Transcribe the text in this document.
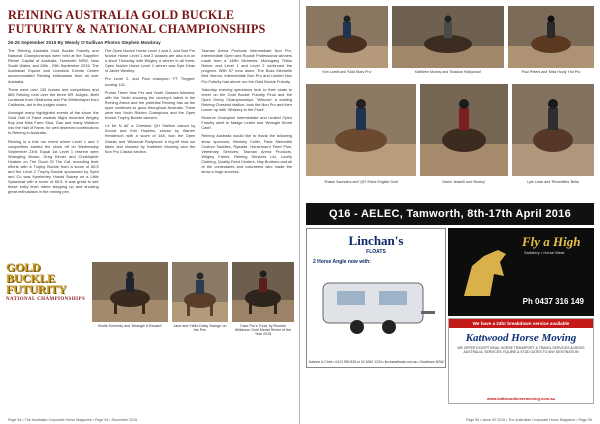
REINING AUSTRALIA GOLD BUCKLE FUTURITY & NATIONAL CHAMPIONSHIPS
25-26 September 2015 By Wendy O'Sullivan Photos Stephen Mowbray

The Reining Australia Gold Buckle Futurity and National Championships were held at the Sapphire Reiner Capital of Australia, Tamworth NSW, New South Wales, and 28th - 29th September 2015. The Australian Equine and Livestock Events Centre accommodated Reining enthusiasts from all over Australia.

There were over 135 horses and competitors and 685 Reining runs over the three NR Judges, Brett Lunstead from Oklahoma and Pat Whitechapel from California, sat in the judges chairs.

Amongst many highlighted events of the show, the Gold Hall of Fame awards Night recorded Wrigley Boy and Miss Farm Stud, Dan and many Waldron into the Hall of Fame, for well deserved contributions to Reining in Australia.

Reining is a trial run event where Level 1 and 2 competitors started the show off on Wednesday September 23rd. Equal 1st Level 1 reserve were Wrangling Brown, Greg Kinner and Christopher Hoaken on The Good Of The Cat, recording their efforts with a Trophy Buckle from a score of 65.5 and the Level 2 Trophy Buckle sponsored by Syed and Co was Kymberley Howat Stacey on a Little Splashcat with a score of 65.5. It was great to see these entry level riders stepping up and showing great enthusiasm in the reining pen.

The Open Novice Horse Level 1 and 2, and Non Pro Novice Horse Level 1 and 2 classes are also run on a short Thursday with Wrigley a winner in all three. Open Novice Horse Level 1 winner was Kyle Dean of Jamie Westley.

Pro Level 2, and Paul champion 'FT Tinygee' scoring 142.

Pronto Three Year Pro and Youth Classes followed, with the Youth showing the country's talent in the Reining Arena and the potential Reining has as the sport continues to grow throughout Australia. There were two Youth Ridden Champions and the Open Novice Trophy Buckle winners.

'Lil Mr N All' a Chestnut QH Stallion owned by Donna and Erin Hopkins, shown by Warren Henderson with a score of 148, won the Open Classic and 'Whizzcat Rollyhood' a leg-off shot run taken and showed by Kathleen Mooring won the Non Pro Classic section.

Tasman Arena Products Intermediate Non Pro, Intermediate Open and Rookie Professional winners made from a 149th Moments, Mahogany Tinkie Reiner and Level 1 and Level 2 continued the program. With 57 runs down, The Boss Mechelle Bird Vernon, Intermediate Non Pro and Limited Non Pro Futurity had above run the Gold Buckle Futurity.

Saturday evening spectators took to their seats to cheer on the Gold Buckle Futurity Final and the Open Derby Championships. 'Whizzer' a leading Reining Chestnut stallion, took the Non Pro and then runner up with 'Whiskey to the Front'.

Reserve Champion Intermediate and Limited Open Futurity went to Madge Lester and 'Wrangle Smart Cash'.

Reining Australia would like to thank the following show sponsors, Brinkley Collin, Fade Merredith Custom Saddles, Ryeside, Horseman's Feed Plus, Veterinary Services, Tasman Arena Products, Wrigley Farms, Reining Services Ltd, Lovely Clothing, Quality Feed Centers, Hay Brothers and all of the contestants and volunteers who made the show a huge success.

GOLD BUCKLE
FUTURITY
NATIONAL CHAMPIONSHIPS
Kristie Kennedy and 'Wrangle A Reward'	Jane and 'Hello Daisy Swings' on the Pen
Case Pro's Treat, by Ricardo Wilkinson Gold Medal Reiner of the Year 2015
Page 54 • The Australian Corporate Horse Magazine • Page 54 • December 2015
Kim Larritt and 'Kidd Stars Pro'	Kathleen Murray and 'Shadow Hollywood'	Paul Peters and 'Miss Hooly' Hot Pro
Shawn Saunders and 'QH' Shine English Gold	Danni Jesselli and 'Moxley'	Lyle Lowe and 'Rinchilities' Bella
Q16 - AELEC, Tamworth, 8th-17th April 2016
Linchan's
FLOATS
2 Horse Angle now with:
Julanne & Chris • 0413 990 826 or 02 6262 1234 • linchansfloats.com.au • Bookham NSW
Fly a High
Saddlery • Horse Wear
Ph 0437 316 149
We have a 24hr breakdown service available
Kattwood Horse Moving
WE OFFER EXCEPTIONAL HORSE TRANSPORT & TRAVEL SERVICES ACROSS AUSTRALIA, SERVICES: EQUINE & STUD GATES TO ANY DESTINATION
www.kattwoodhorsemoving.com.au
Page 55 • Issue 02 2015 • The Australian Corporate Horse Magazine • Page 55
